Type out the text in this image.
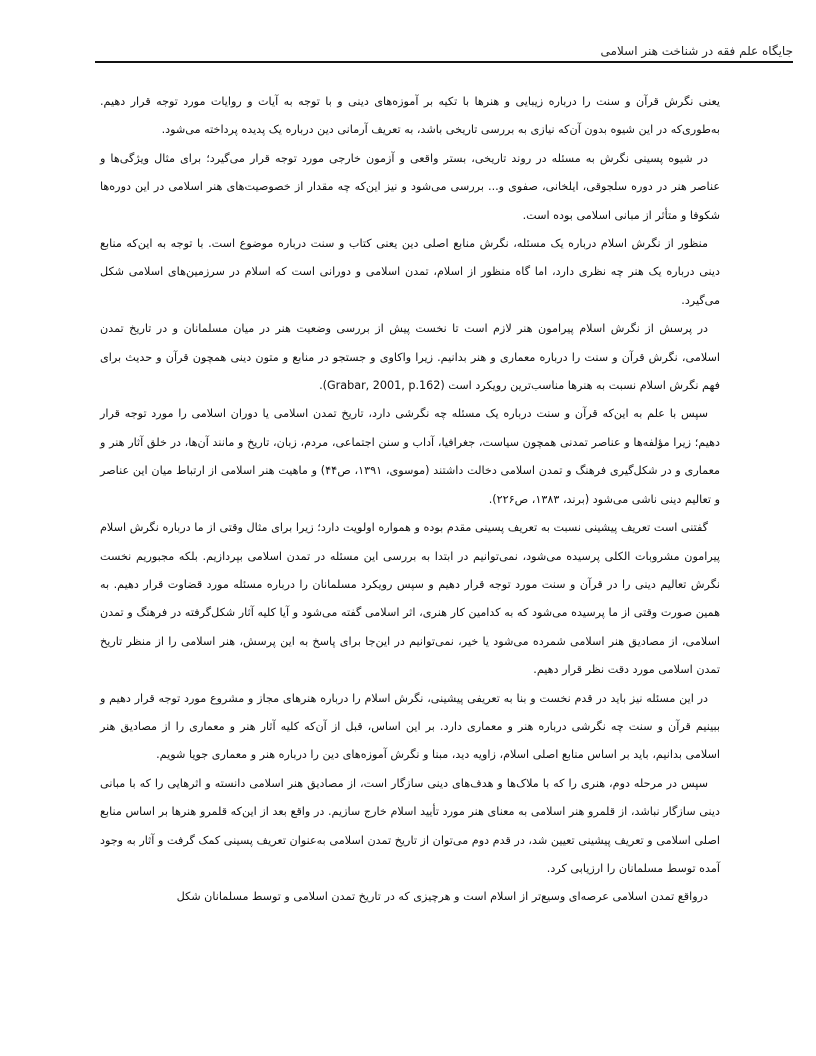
جایگاه علم فقه در شناخت هنر اسلامی

یعنی نگرش قرآن و سنت را درباره زیبایی و هنرها با تکیه بر آموزه‌های دینی و با توجه به آیات و روایات مورد توجه قرار دهیم. به‌طوری‌که در این شیوه بدون آن‌که نیازی به بررسی تاریخی باشد، به تعریف آرمانی دین درباره یک پدیده پرداخته می‌شود.

در شیوه پسینی نگرش به مسئله در روند تاریخی، بستر واقعی و آزمون خارجی مورد توجه قرار می‌گیرد؛ برای مثال ویژگی‌ها و عناصر هنر در دوره سلجوقی، ایلخانی، صفوی و... بررسی می‌شود و نیز این‌که چه مقدار از خصوصیت‌های هنر اسلامی در این دوره‌ها شکوفا و متأثر از مبانی اسلامی بوده است.

منظور از نگرش اسلام درباره یک مسئله، نگرش منابع اصلی دین یعنی کتاب و سنت درباره موضوع است. با توجه به این‌که منابع دینی درباره یک هنر چه نظری دارد، اما گاه منظور از اسلام، تمدن اسلامی و دورانی است که اسلام در سرزمین‌های اسلامی شکل می‌گیرد.

در پرسش از نگرش اسلام پیرامون هنر لازم است تا نخست پیش از بررسی وضعیت هنر در میان مسلمانان و در تاریخ تمدن اسلامی، نگرش قرآن و سنت را درباره معماری و هنر بدانیم. زیرا واکاوی و جستجو در منابع و متون دینی همچون قرآن و حدیث برای فهم نگرش اسلام نسبت به هنرها مناسب‌ترین رویکرد است (Grabar, 2001, p.162).

سپس با علم به این‌که قرآن و سنت درباره یک مسئله چه نگرشی دارد، تاریخ تمدن اسلامی یا دوران اسلامی را مورد توجه قرار دهیم؛ زیرا مؤلفه‌ها و عناصر تمدنی همچون سیاست، جغرافیا، آداب و سنن اجتماعی، مردم، زبان، تاریخ و مانند آن‌ها، در خلق آثار هنر و معماری و در شکل‌گیری فرهنگ و تمدن اسلامی دخالت داشتند (موسوی، ۱۳۹۱، ص۴۴) و ماهیت هنر اسلامی از ارتباط میان این عناصر و تعالیم دینی ناشی می‌شود (برند، ۱۳۸۳، ص۲۲۶).

گفتنی است تعریف پیشینی نسبت به تعریف پسینی مقدم بوده و همواره اولویت دارد؛ زیرا برای مثال وقتی از ما درباره نگرش اسلام پیرامون مشروبات الکلی پرسیده می‌شود، نمی‌توانیم در ابتدا به بررسی این مسئله در تمدن اسلامی بپردازیم. بلکه مجبوریم نخست نگرش تعالیم دینی را در قرآن و سنت مورد توجه قرار دهیم و سپس رویکرد مسلمانان را درباره مسئله مورد قضاوت قرار دهیم. به همین صورت وقتی از ما پرسیده می‌شود که به کدامین کار هنری، اثر اسلامی گفته می‌شود و آیا کلیه آثار شکل‌گرفته در فرهنگ و تمدن اسلامی، از مصادیق هنر اسلامی شمرده می‌شود یا خیر، نمی‌توانیم در این‌جا برای پاسخ به این پرسش، هنر اسلامی را از منظر تاریخ تمدن اسلامی مورد دقت نظر قرار دهیم.

در این مسئله نیز باید در قدم نخست و بنا به تعریفی پیشینی، نگرش اسلام را درباره هنرهای مجاز و مشروع مورد توجه قرار دهیم و ببینیم قرآن و سنت چه نگرشی درباره هنر و معماری دارد. بر این اساس، قبل از آن‌که کلیه آثار هنر و معماری را از مصادیق هنر اسلامی بدانیم، باید بر اساس منابع اصلی اسلام، زاویه دید، مبنا و نگرش آموزه‌های دین را درباره هنر و معماری جویا شویم.

سپس در مرحله دوم، هنری را که با ملاک‌ها و هدف‌های دینی سازگار است، از مصادیق هنر اسلامی دانسته و اثرهایی را که با مبانی دینی سازگار نباشد، از قلمرو هنر اسلامی به معنای هنر مورد تأیید اسلام خارج سازیم. در واقع بعد از این‌که قلمرو هنرها بر اساس منابع اصلی اسلامی و تعریف پیشینی تعیین شد، در قدم دوم می‌توان از تاریخ تمدن اسلامی به‌عنوان تعریف پسینی کمک گرفت و آثار به وجود آمده توسط مسلمانان را ارزیابی کرد.

درواقع تمدن اسلامی عرصه‌ای وسیع‌تر از اسلام است و هرچیزی که در تاریخ تمدن اسلامی و توسط مسلمانان شکل
